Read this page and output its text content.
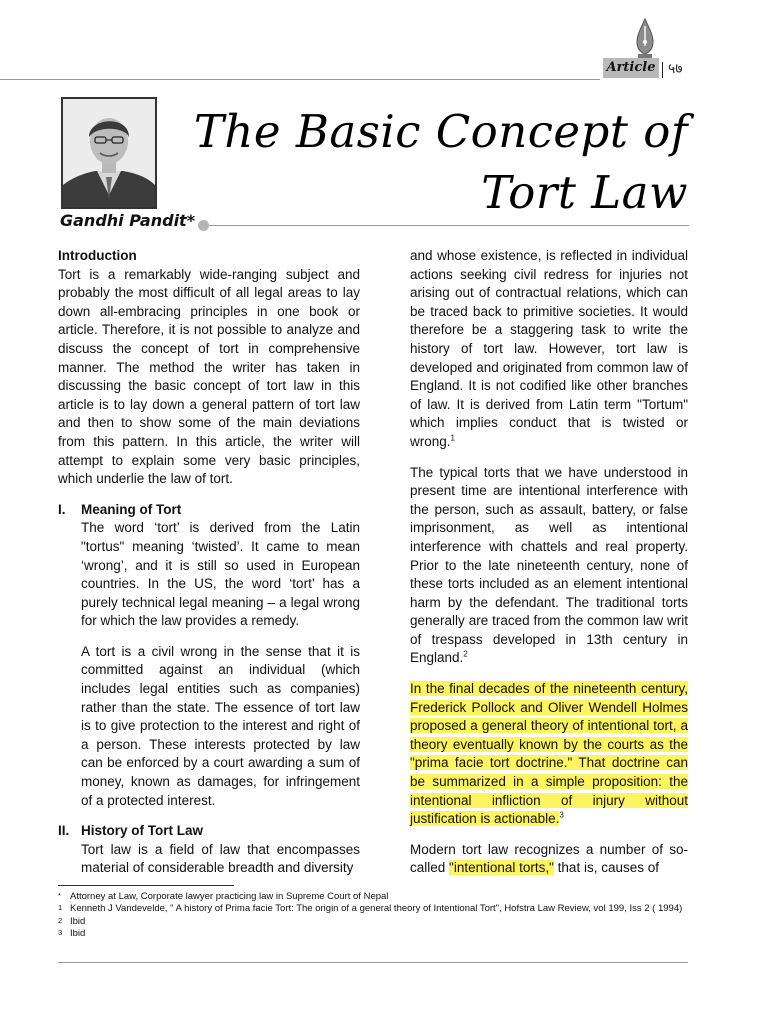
Article ५७
The Basic Concept of
Tort Law
Gandhi Pandit*

Introduction

Tort is a remarkably wide-ranging subject and probably the most difficult of all legal areas to lay down all-embracing principles in one book or article. Therefore, it is not possible to analyze and discuss the concept of tort in comprehensive manner. The method the writer has taken in discussing the basic concept of tort law in this article is to lay down a general pattern of tort law and then to show some of the main deviations from this pattern. In this article, the writer will attempt to explain some very basic principles, which underlie the law of tort.

I. Meaning of Tort

The word ‘tort’ is derived from the Latin "tortus" meaning ‘twisted’. It came to mean ‘wrong’, and it is still so used in European countries. In the US, the word ‘tort’ has a purely technical legal meaning – a legal wrong for which the law provides a remedy.

A tort is a civil wrong in the sense that it is committed against an individual (which includes legal entities such as companies) rather than the state. The essence of tort law is to give protection to the interest and right of a person. These interests protected by law can be enforced by a court awarding a sum of money, known as damages, for infringement of a protected interest.

II. History of Tort Law

Tort law is a field of law that encompasses material of considerable breadth and diversity

and whose existence, is reflected in individual actions seeking civil redress for injuries not arising out of contractual relations, which can be traced back to primitive societies. It would therefore be a staggering task to write the history of tort law. However, tort law is developed and originated from common law of England. It is not codified like other branches of law. It is derived from Latin term "Tortum" which implies conduct that is twisted or wrong.$^1$

The typical torts that we have understood in present time are intentional interference with the person, such as assault, battery, or false imprisonment, as well as intentional interference with chattels and real property. Prior to the late nineteenth century, none of these torts included as an element intentional harm by the defendant. The traditional torts generally are traced from the common law writ of trespass developed in 13th century in England.$^2$

In the final decades of the nineteenth century, Frederick Pollock and Oliver Wendell Holmes proposed a general theory of intentional tort, a theory eventually known by the courts as the "prima facie tort doctrine." That doctrine can be summarized in a simple proposition: the intentional infliction of injury without justification is actionable.$^3$

Modern tort law recognizes a number of so-called "intentional torts," that is, causes of

* Attorney at Law, Corporate lawyer practicing law in Supreme Court of Nepal
1 Kenneth J Vandevelde, " A history of Prima facie Tort: The origin of a general theory of Intentional Tort", Hofstra Law Review, vol 199, Iss 2 ( 1994)
2 Ibid
3 Ibid
